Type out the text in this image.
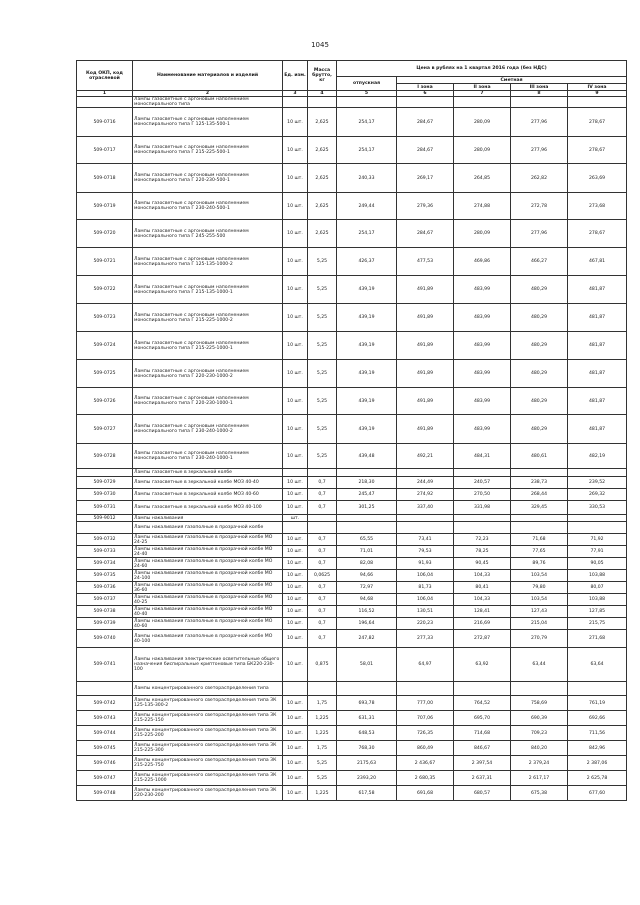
1045
Код ОКП, код отраслевой	Наименование материалов и изделий	Ед. изм.	Масса брутто, кг	Цена в рублях на 1 квартал 2016 года (без НДС)				
				отпускная	Сметная			
					I зона	II зона	III зона	IV зона
1	2	3	4	5	6	7	8	9
	Лампы газосветные с аргоновым наполнением моноспирального типа							
509-0716	Лампы газосветные с аргоновым наполнением моноспирального типа Г 125-135-500-1	10 шт.	2,625	254,17	284,67	280,09	277,96	278,67
509-0717	Лампы газосветные с аргоновым наполнением моноспирального типа Г 215-225-500-1	10 шт.	2,625	254,17	284,67	280,09	277,96	278,67
509-0718	Лампы газосветные с аргоновым наполнением моноспирального типа Г 220-230-500-1	10 шт.	2,625	240,33	269,17	264,85	262,82	263,69
509-0719	Лампы газосветные с аргоновым наполнением моноспирального типа Г 230-240-500-1	10 шт.	2,625	249,44	279,36	274,88	272,78	273,68
509-0720	Лампы газосветные с аргоновым наполнением моноспирального типа Г 245-255-500	10 шт.	2,625	254,17	284,67	280,09	277,96	278,67
509-0721	Лампы газосветные с аргоновым наполнением моноспирального типа Г 125-135-1000-2	10 шт.	5,25	426,37	477,53	469,86	466,27	467,81
509-0722	Лампы газосветные с аргоновым наполнением моноспирального типа Г 215-135-1000-1	10 шт.	5,25	439,19	491,89	483,99	480,29	481,87
509-0723	Лампы газосветные с аргоновым наполнением моноспирального типа Г 215-225-1000-2	10 шт.	5,25	439,19	491,89	483,99	480,29	481,87
509-0724	Лампы газосветные с аргоновым наполнением моноспирального типа Г 215-225-1000-1	10 шт.	5,25	439,19	491,89	483,99	480,29	481,87
509-0725	Лампы газосветные с аргоновым наполнением моноспирального типа Г 220-230-1000-2	10 шт.	5,25	439,19	491,89	483,99	480,29	481,87
509-0726	Лампы газосветные с аргоновым наполнением моноспирального типа Г 220-230-1000-1	10 шт.	5,25	439,19	491,89	483,99	480,29	481,87
509-0727	Лампы газосветные с аргоновым наполнением моноспирального типа Г 230-240-1000-2	10 шт.	5,25	439,19	491,89	483,99	480,29	481,87
509-0728	Лампы газосветные с аргоновым наполнением моноспирального типа Г 230-240-1000-1	10 шт.	5,25	439,48	492,21	484,31	480,61	482,19
	Лампы газосветные в зеркальной колбе							
509-0729	Лампы газосветные в зеркальной колбе МОЗ 40-40	10 шт.	0,7	218,30	244,49	240,57	238,73	239,52
509-0730	Лампы газосветные в зеркальной колбе МОЗ 40-60	10 шт.	0,7	245,47	274,92	270,50	268,44	269,32
509-0731	Лампы газосветные в зеркальной колбе МОЗ 40-100	10 шт.	0,7	301,25	337,40	331,98	329,45	330,53
509-9012	Лампы накаливания	шт.						
	Лампы накаливания газополные в прозрачной колбе							
509-0732	Лампы накаливания газополные в прозрачной колбе МО 24-25	10 шт.	0,7	65,55	73,41	72,23	71,68	71,92
509-0733	Лампы накаливания газополные в прозрачной колбе МО 24-40	10 шт.	0,7	71,01	79,53	78,25	77,65	77,91
509-0734	Лампы накаливания газополные в прозрачной колбе МО 24-60	10 шт.	0,7	82,08	91,93	90,45	89,76	90,05
509-0735	Лампы накаливания газополные в прозрачной колбе МО 24-100	10 шт.	0,0625	94,66	106,04	104,33	103,54	103,88
509-0736	Лампы накаливания газополные в прозрачной колбе МО 36-60	10 шт.	0,7	72,97	81,73	80,41	79,80	80,07
509-0737	Лампы накаливания газополные в прозрачной колбе МО 40-25	10 шт.	0,7	94,68	106,04	104,33	103,54	103,88
509-0738	Лампы накаливания газополные в прозрачной колбе МО 40-40	10 шт.	0,7	116,52	130,51	128,41	127,43	127,85
509-0739	Лампы накаливания газополные в прозрачной колбе МО 40-60	10 шт.	0,7	196,64	220,23	216,69	215,04	215,75
509-0740	Лампы накаливания газополные в прозрачной колбе МО 40-100	10 шт.	0,7	247,82	277,33	272,87	270,79	271,68
509-0741	Лампы накаливания электрические осветительные общего назначения биспиральные криптоновые типа БК220-230-100	10 шт.	0,875	58,01	64,97	63,92	63,44	63,64
	Лампы концентрированного светораспределения типа							
509-0742	Лампы концентрированного светораспределения типа ЗК 125-135-300-2	10 шт.	1,75	693,78	777,00	764,52	758,69	761,19
509-0743	Лампы концентрированного светораспределения типа ЗК 215-225-150	10 шт.	1,225	631,31	707,06	695,70	690,39	692,66
509-0744	Лампы концентрированного светораспределения типа ЗК 215-225-200	10 шт.	1,225	648,53	726,35	714,68	709,23	711,56
509-0745	Лампы концентрированного светораспределения типа ЗК 215-225-300	10 шт.	1,75	768,30	860,49	846,67	840,20	842,96
509-0746	Лампы концентрированного светораспределения типа ЗК 215-225-750	10 шт.	5,25	2175,63	2 436,67	2 397,54	2 379,24	2 387,06
509-0747	Лампы концентрированного светораспределения типа ЗК 215-225-1000	10 шт.	5,25	2393,20	2 680,35	2 637,31	2 617,17	2 625,78
509-0748	Лампы концентрированного светораспределения типа ЗК 220-230-200	10 шт.	1,225	617,58	691,68	680,57	675,38	677,60
